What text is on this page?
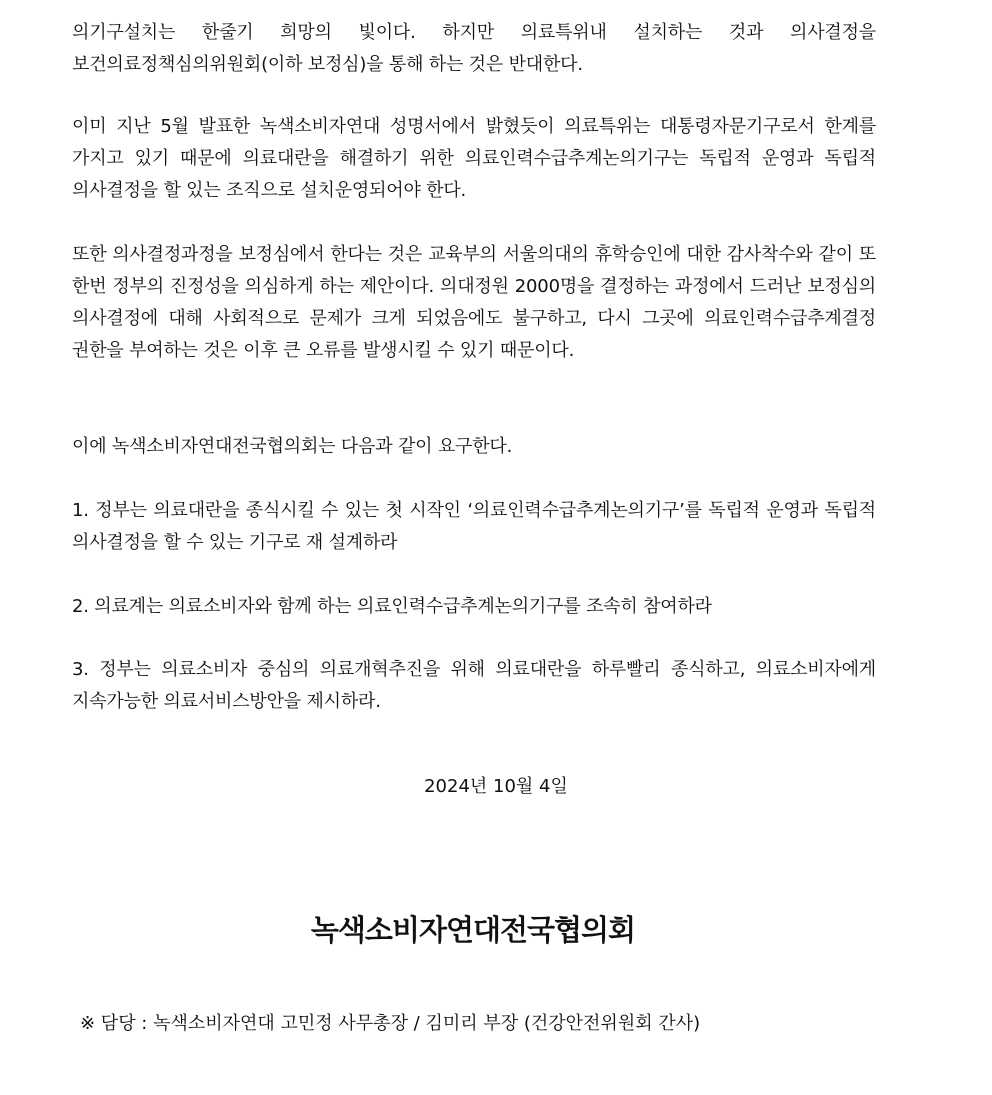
의기구설치는 한줄기 희망의 빛이다. 하지만 의료특위내 설치하는 것과 의사결정을 보건의료정책심의위원회(이하 보정심)을 통해 하는 것은 반대한다.

이미 지난 5월 발표한 녹색소비자연대 성명서에서 밝혔듯이 의료특위는 대통령자문기구로서 한계를 가지고 있기 때문에 의료대란을 해결하기 위한 의료인력수급추계논의기구는 독립적 운영과 독립적 의사결정을 할 있는 조직으로 설치운영되어야 한다.

또한 의사결정과정을 보정심에서 한다는 것은 교육부의 서울의대의 휴학승인에 대한 감사착수와 같이 또 한번 정부의 진정성을 의심하게 하는 제안이다. 의대정원 2000명을 결정하는 과정에서 드러난 보정심의 의사결정에 대해 사회적으로 문제가 크게 되었음에도 불구하고, 다시 그곳에 의료인력수급추계결정 권한을 부여하는 것은 이후 큰 오류를 발생시킬 수 있기 때문이다.

이에 녹색소비자연대전국협의회는 다음과 같이 요구한다.

1. 정부는 의료대란을 종식시킬 수 있는 첫 시작인 ‘의료인력수급추계논의기구’를 독립적 운영과 독립적 의사결정을 할 수 있는 기구로 재 설계하라

2. 의료계는 의료소비자와 함께 하는 의료인력수급추계논의기구를 조속히 참여하라

3. 정부는 의료소비자 중심의 의료개혁추진을 위해 의료대란을 하루빨리 종식하고, 의료소비자에게 지속가능한 의료서비스방안을 제시하라.

2024년 10월 4일
녹색소비자연대전국협의회
※ 담당 : 녹색소비자연대 고민정 사무총장 / 김미리 부장 (건강안전위원회 간사)
